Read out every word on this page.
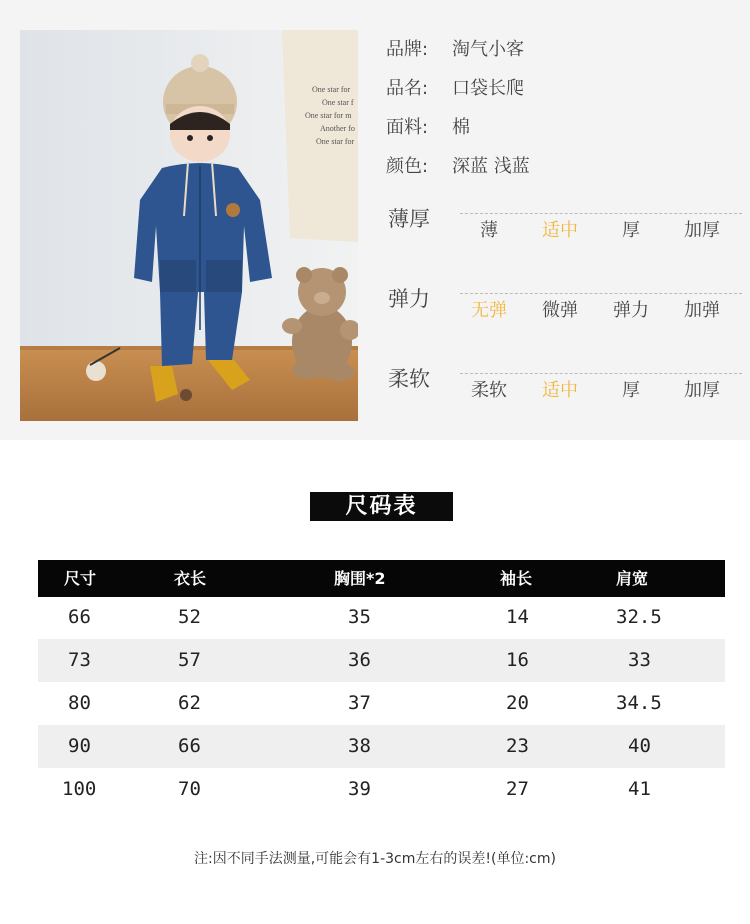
One star for
One star f
One star for m
Another fo
One star for
品牌:	淘气小客
品名:	口袋长爬
面料:	棉
颜色:	深蓝 浅蓝
薄厚	薄	适中	厚	加厚
弹力	无弹	微弹	弹力	加弹
柔软	柔软	适中	厚	加厚
尺码表
尺寸	衣长	胸围*2	袖长	肩宽
66	52	35	14	32.5
73	57	36	16	33
80	62	37	20	34.5
90	66	38	23	40
100	70	39	27	41
注:因不同手法测量,可能会有1-3cm左右的误差!(单位:cm)
